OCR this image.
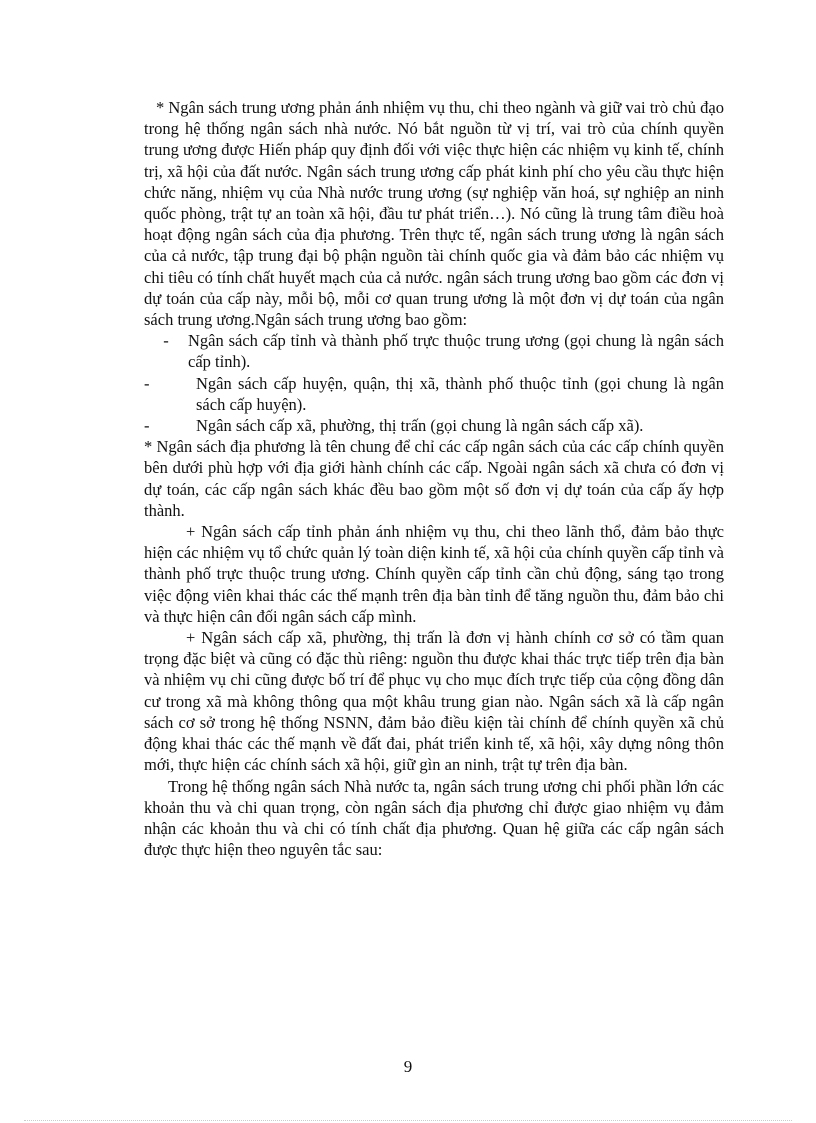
* Ngân sách trung ương phản ánh nhiệm vụ thu, chi theo ngành và giữ vai trò chủ đạo trong hệ thống ngân sách nhà nước. Nó bắt nguồn từ vị trí, vai trò của chính quyền trung ương được Hiến pháp quy định đối với việc thực hiện các nhiệm vụ kinh tế, chính trị, xã hội của đất nước. Ngân sách trung ương cấp phát kinh phí cho yêu cầu thực hiện chức năng, nhiệm vụ của Nhà nước trung ương (sự nghiệp văn hoá, sự nghiệp an ninh quốc phòng, trật tự an toàn xã hội, đầu tư phát triển…). Nó cũng là trung tâm điều hoà hoạt động ngân sách của địa phương. Trên thực tế, ngân sách trung ương là ngân sách của cả nước, tập trung đại bộ phận nguồn tài chính quốc gia và đảm bảo các nhiệm vụ chi tiêu có tính chất huyết mạch của cả nước. ngân sách trung ương bao gồm các đơn vị dự toán của cấp này, mỗi bộ, mỗi cơ quan trung ương là một đơn vị dự toán của ngân sách trung ương.Ngân sách trung ương bao gồm:

-	Ngân sách cấp tỉnh và thành phố trực thuộc trung ương (gọi chung là ngân sách cấp tỉnh).
-	Ngân sách cấp huyện, quận, thị xã, thành phố thuộc tỉnh (gọi chung là ngân sách cấp huyện).
-	Ngân sách cấp xã, phường, thị trấn (gọi chung là ngân sách cấp xã).

* Ngân sách địa phương là tên chung để chỉ các cấp ngân sách của các cấp chính quyền bên dưới phù hợp với địa giới hành chính các cấp. Ngoài ngân sách xã chưa có đơn vị dự toán, các cấp ngân sách khác đều bao gồm một số đơn vị dự toán của cấp ấy hợp thành.

+ Ngân sách cấp tỉnh phản ánh nhiệm vụ thu, chi theo lãnh thổ, đảm bảo thực hiện các nhiệm vụ tổ chức quản lý toàn diện kinh tế, xã hội của chính quyền cấp tỉnh và thành phố trực thuộc trung ương. Chính quyền cấp tỉnh cần chủ động, sáng tạo trong việc động viên khai thác các thế mạnh trên địa bàn tỉnh để tăng nguồn thu, đảm bảo chi và thực hiện cân đối ngân sách cấp mình.

+ Ngân sách cấp xã, phường, thị trấn là đơn vị hành chính cơ sở có tầm quan trọng đặc biệt và cũng có đặc thù riêng: nguồn thu được khai thác trực tiếp trên địa bàn và nhiệm vụ chi cũng được bố trí để phục vụ cho mục đích trực tiếp của cộng đồng dân cư trong xã mà không thông qua một khâu trung gian nào. Ngân sách xã là cấp ngân sách cơ sở trong hệ thống NSNN, đảm bảo điều kiện tài chính để chính quyền xã chủ động khai thác các thế mạnh về đất đai, phát triển kinh tế, xã hội, xây dựng nông thôn mới, thực hiện các chính sách xã hội, giữ gìn an ninh, trật tự trên địa bàn.

Trong hệ thống ngân sách Nhà nước ta, ngân sách trung ương chi phối phần lớn các khoản thu và chi quan trọng, còn ngân sách địa phương chỉ được giao nhiệm vụ đảm nhận các khoản thu và chi có tính chất địa phương. Quan hệ giữa các cấp ngân sách được thực hiện theo nguyên tắc sau:

9
